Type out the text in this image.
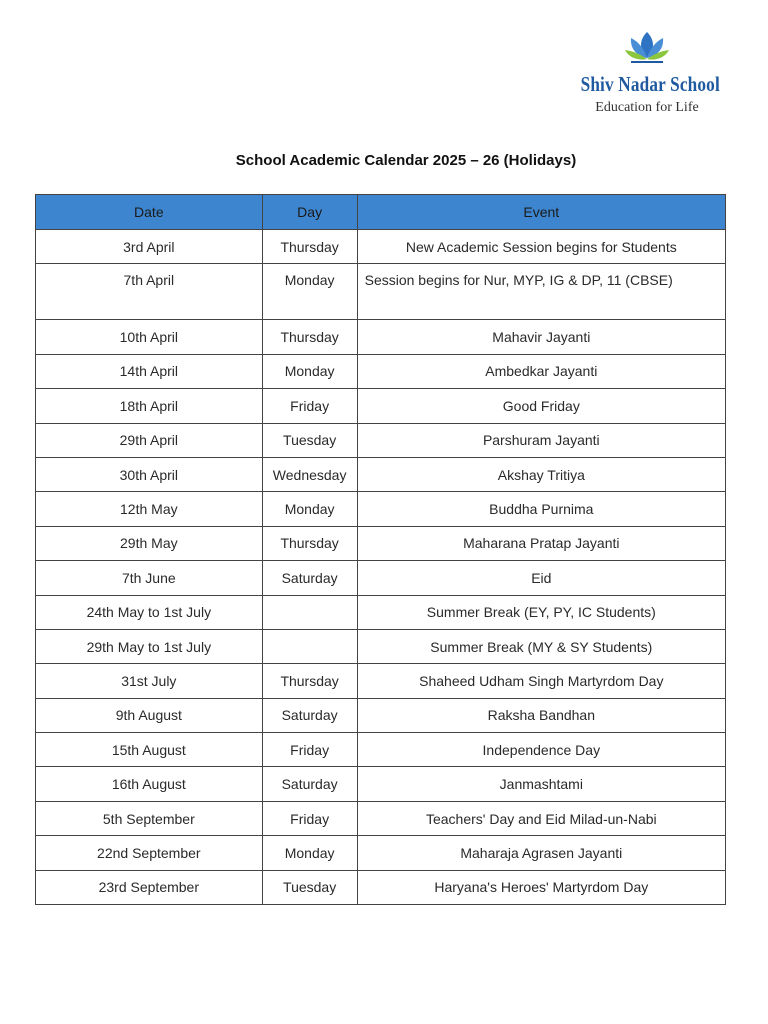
Shiv Nadar School
Education for Life
School Academic Calendar 2025 – 26 (Holidays)
Date	Day	Event
3rd April	Thursday	New Academic Session begins for Students
7th April	Monday	Session begins for Nur, MYP, IG & DP, 11 (CBSE)
10th April	Thursday	Mahavir Jayanti
14th April	Monday	Ambedkar Jayanti
18th April	Friday	Good Friday
29th April	Tuesday	Parshuram Jayanti
30th April	Wednesday	Akshay Tritiya
12th May	Monday	Buddha Purnima
29th May	Thursday	Maharana Pratap Jayanti
7th June	Saturday	Eid
24th May to 1st July		Summer Break (EY, PY, IC Students)
29th May to 1st July		Summer Break (MY & SY Students)
31st July	Thursday	Shaheed Udham Singh Martyrdom Day
9th August	Saturday	Raksha Bandhan
15th August	Friday	Independence Day
16th August	Saturday	Janmashtami
5th September	Friday	Teachers' Day and Eid Milad-un-Nabi
22nd September	Monday	Maharaja Agrasen Jayanti
23rd September	Tuesday	Haryana's Heroes' Martyrdom Day
